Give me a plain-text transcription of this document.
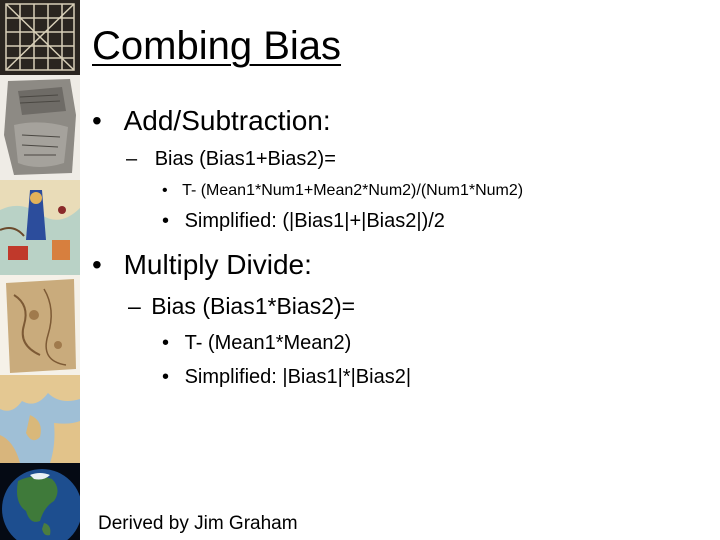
Combing Bias
• Add/Subtraction:
– Bias (Bias1+Bias2)=
• T- (Mean1*Num1+Mean2*Num2)/(Num1*Num2)
• Simplified: (|Bias1|+|Bias2|)/2
• Multiply Divide:
– Bias (Bias1*Bias2)=
• T- (Mean1*Mean2)
• Simplified: |Bias1|*|Bias2|
Derived by Jim Graham
